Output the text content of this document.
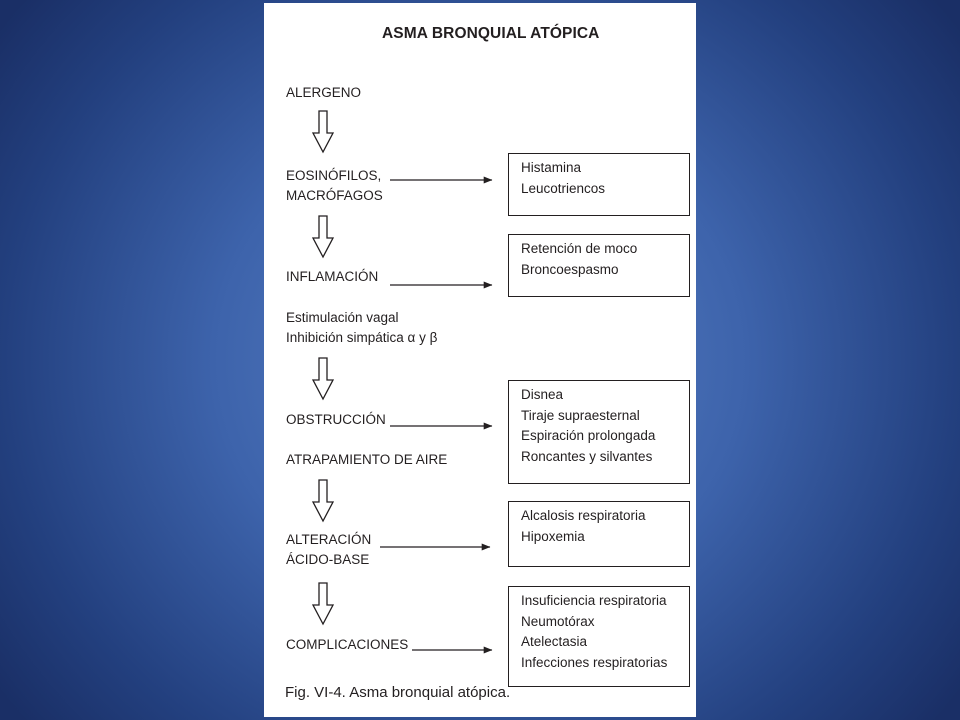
ASMA BRONQUIAL ATÓPICA
ALERGENO
EOSINÓFILOS,
MACRÓFAGOS
INFLAMACIÓN
Estimulación vagal
Inhibición simpática α y β
OBSTRUCCIÓN
ATRAPAMIENTO DE AIRE
ALTERACIÓN
ÁCIDO-BASE
COMPLICACIONES
Histamina
Leucotriencos
Retención de moco
Broncoespasmo
Disnea
Tiraje supraesternal
Espiración prolongada
Roncantes y silvantes
Alcalosis respiratoria
Hipoxemia
Insuficiencia respiratoria
Neumotórax
Atelectasia
Infecciones respiratorias
Fig. VI-4. Asma bronquial atópica.
